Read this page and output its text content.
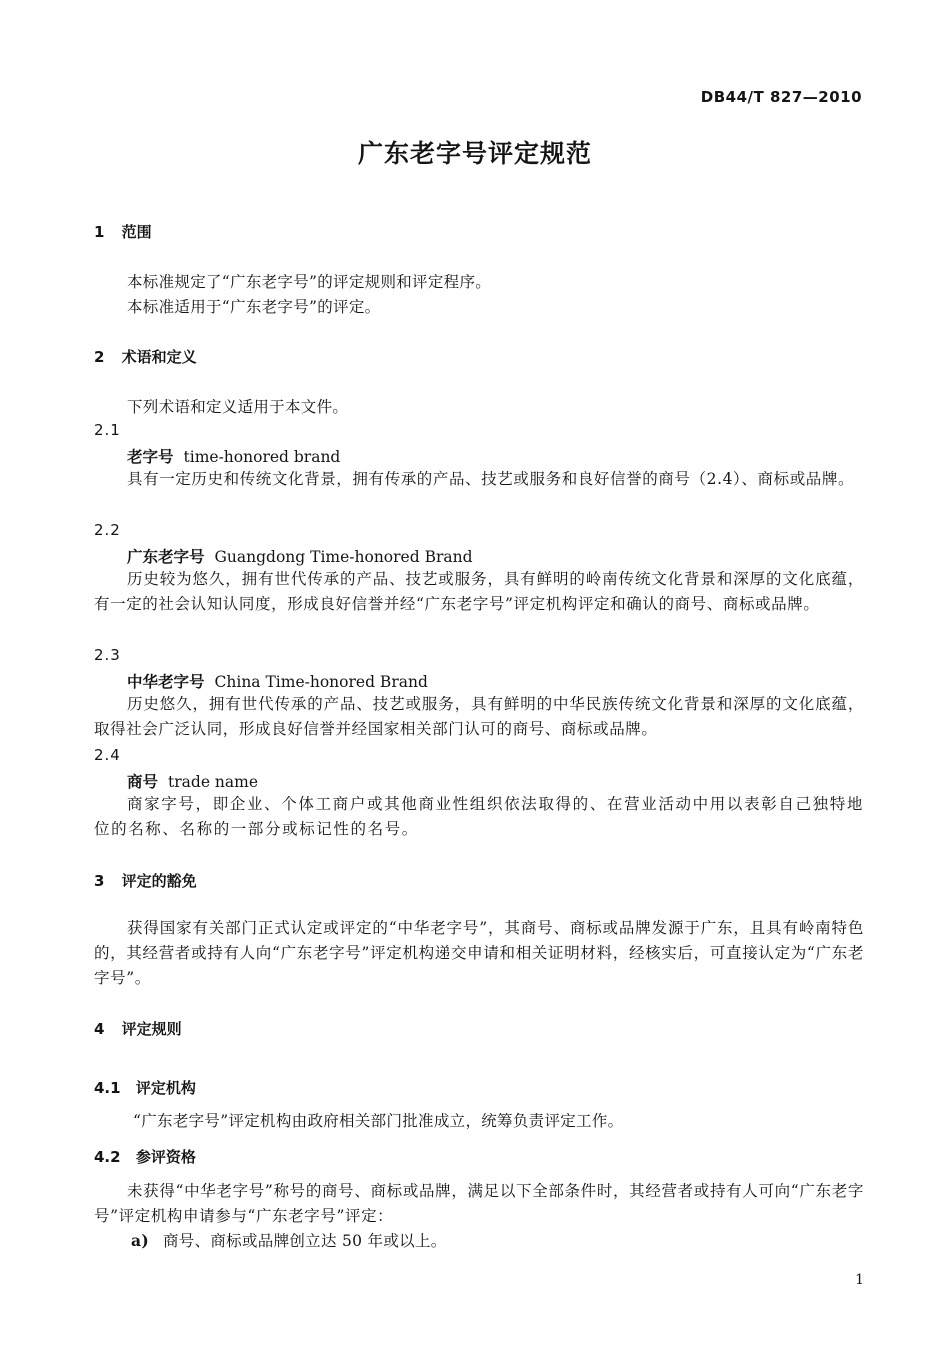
DB44/T 827—2010
广东老字号评定规范
1 范围
本标准规定了“广东老字号”的评定规则和评定程序。
本标准适用于“广东老字号”的评定。
2 术语和定义
下列术语和定义适用于本文件。
2.1
老字号 time-honored brand
具有一定历史和传统文化背景，拥有传承的产品、技艺或服务和良好信誉的商号（2.4）、商标或品牌。
2.2
广东老字号 Guangdong Time-honored Brand
历史较为悠久，拥有世代传承的产品、技艺或服务，具有鲜明的岭南传统文化背景和深厚的文化底蕴，有一定的社会认知认同度，形成良好信誉并经“广东老字号”评定机构评定和确认的商号、商标或品牌。
2.3
中华老字号 China Time-honored Brand
历史悠久，拥有世代传承的产品、技艺或服务，具有鲜明的中华民族传统文化背景和深厚的文化底蕴，取得社会广泛认同，形成良好信誉并经国家相关部门认可的商号、商标或品牌。
2.4
商号 trade name
商家字号，即企业、个体工商户或其他商业性组织依法取得的、在营业活动中用以表彰自己独特地位的名称、名称的一部分或标记性的名号。
3 评定的豁免
获得国家有关部门正式认定或评定的“中华老字号”，其商号、商标或品牌发源于广东，且具有岭南特色的，其经营者或持有人向“广东老字号”评定机构递交申请和相关证明材料，经核实后，可直接认定为“广东老字号”。
4 评定规则
4.1 评定机构
“广东老字号”评定机构由政府相关部门批准成立，统筹负责评定工作。
4.2 参评资格
未获得“中华老字号”称号的商号、商标或品牌，满足以下全部条件时，其经营者或持有人可向“广东老字号”评定机构申请参与“广东老字号”评定：
a) 商号、商标或品牌创立达 50 年或以上。
1
